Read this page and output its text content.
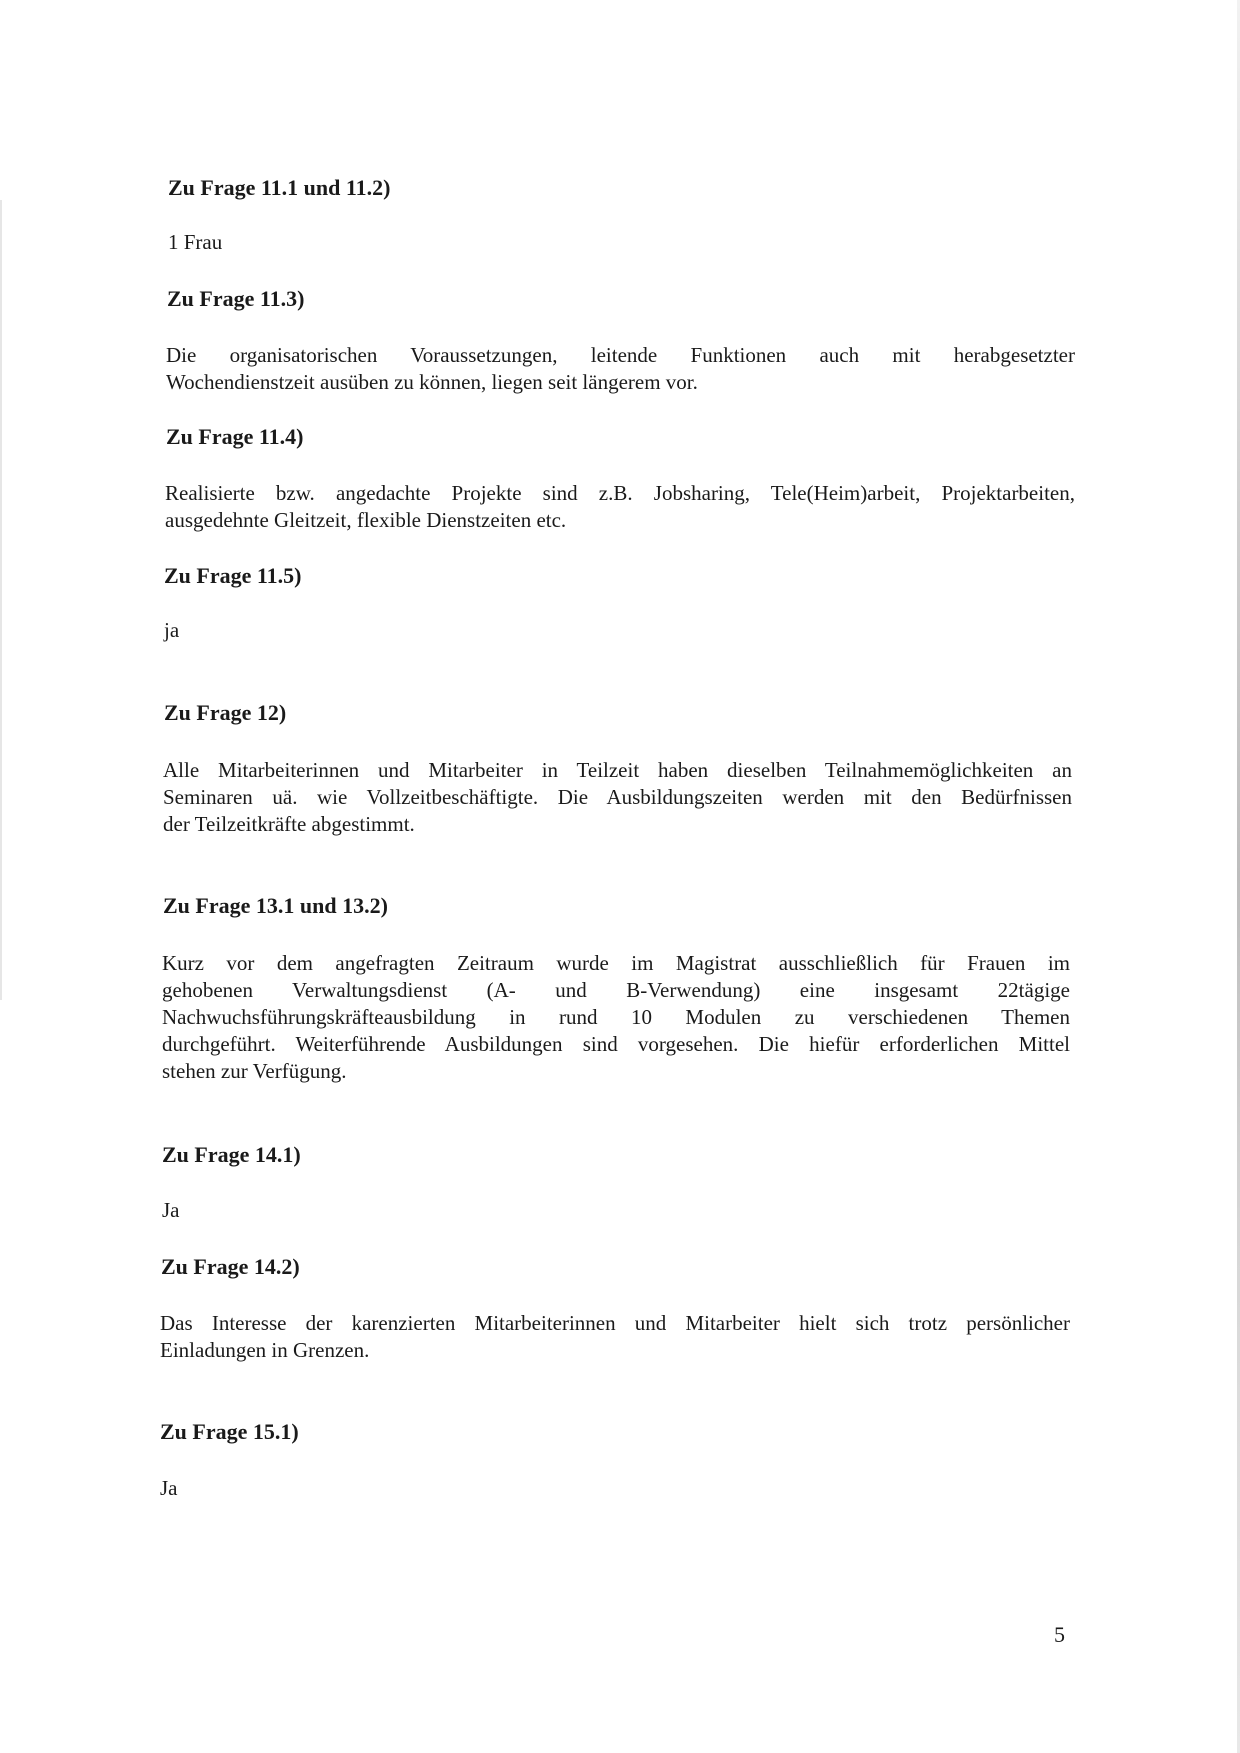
Zu Frage 11.1 und 11.2)
1 Frau
Zu Frage 11.3)
Die organisatorischen Voraussetzungen, leitende Funktionen auch mit herabgesetzter
Wochendienstzeit ausüben zu können, liegen seit längerem vor.
Zu Frage 11.4)
Realisierte bzw. angedachte Projekte sind z.B. Jobsharing, Tele(Heim)arbeit, Projektarbeiten,
ausgedehnte Gleitzeit, flexible Dienstzeiten etc.
Zu Frage 11.5)
ja
Zu Frage 12)
Alle Mitarbeiterinnen und Mitarbeiter in Teilzeit haben dieselben Teilnahmemöglichkeiten an
Seminaren uä. wie Vollzeitbeschäftigte. Die Ausbildungszeiten werden mit den Bedürfnissen
der Teilzeitkräfte abgestimmt.
Zu Frage 13.1 und 13.2)
Kurz vor dem angefragten Zeitraum wurde im Magistrat ausschließlich für Frauen im
gehobenen Verwaltungsdienst (A- und B-Verwendung) eine insgesamt 22tägige
Nachwuchsführungskräfteausbildung in rund 10 Modulen zu verschiedenen Themen
durchgeführt. Weiterführende Ausbildungen sind vorgesehen. Die hiefür erforderlichen Mittel
stehen zur Verfügung.
Zu Frage 14.1)
Ja
Zu Frage 14.2)
Das Interesse der karenzierten Mitarbeiterinnen und Mitarbeiter hielt sich trotz persönlicher
Einladungen in Grenzen.
Zu Frage 15.1)
Ja
5
